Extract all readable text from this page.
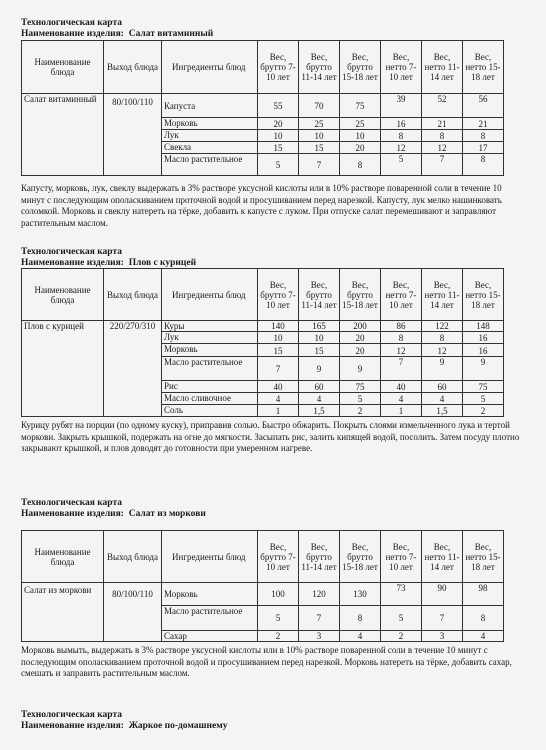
Технологическая карта
Наименование изделия: Салат витаминный
Наименование блюда	Выход блюда	Ингредиенты блюд	Вес, брутто 7-10 лет	Вес, брутто 11-14 лет	Вес, брутто 15-18 лет	Вес, нетто 7-10 лет	Вес, нетто 11-14 лет	Вес, нетто 15-18 лет
Салат витаминный	80/100/110	Капуста	55	70	75	39	52	56
		Морковь	20	25	25	16	21	21
		Лук	10	10	10	8	8	8
		Свекла	15	15	20	12	12	17
		Масло растительное	5	7	8	5	7	8
Капусту, морковь, лук, свеклу выдержать в 3% растворе уксусной кислоты или в 10% растворе поваренной соли в течение 10 минут с последующим ополаскиванием проточной водой и просушиванием перед нарезкой. Капусту, лук мелко нашинковать соломкой. Морковь и свеклу натереть на тёрке, добавить к капусте с луком. При отпуске салат перемешивают и заправляют растительным маслом.
Технологическая карта
Наименование изделия: Плов с курицей
Наименование блюда	Выход блюда	Ингредиенты блюд	Вес, брутто 7-10 лет	Вес, брутто 11-14 лет	Вес, брутто 15-18 лет	Вес, нетто 7-10 лет	Вес, нетто 11-14 лет	Вес, нетто 15-18 лет
Плов с курицей	220/270/310	Куры	140	165	200	86	122	148
		Лук	10	10	20	8	8	16
		Морковь	15	15	20	12	12	16
		Масло растительное	7	9	9	7	9	9
		Рис	40	60	75	40	60	75
		Масло сливочное	4	4	5	4	4	5
		Соль	1	1,5	2	1	1,5	2
Курицу рубят на порции (по одному куску), приправив солью. Быстро обжарить. Покрыть слоями измельченного лука и тертой моркови. Закрыть крышкой, подержать на огне до мягкости. Засыпать рис, залить кипящей водой, посолить. Затем посуду плотно закрывают крышкой, и плов доводят до готовности при умеренном нагреве.
Технологическая карта
Наименование изделия: Салат из моркови
Наименование блюда	Выход блюда	Ингредиенты блюд	Вес, брутто 7-10 лет	Вес, брутто 11-14 лет	Вес, брутто 15-18 лет	Вес, нетто 7-10 лет	Вес, нетто 11-14 лет	Вес, нетто 15-18 лет
Салат из моркови	80/100/110	Морковь	100	120	130	73	90	98
		Масло растительное	5	7	8	5	7	8
		Сахар	2	3	4	2	3	4
Морковь вымыть, выдержать в 3% растворе уксусной кислоты или в 10% растворе поваренной соли в течение 10 минут с последующим ополаскиванием проточной водой и просушиванием перед нарезкой. Морковь натереть на тёрке, добавить сахар, смешать и заправить растительным маслом.
Технологическая карта
Наименование изделия: Жаркое по-домашнему
